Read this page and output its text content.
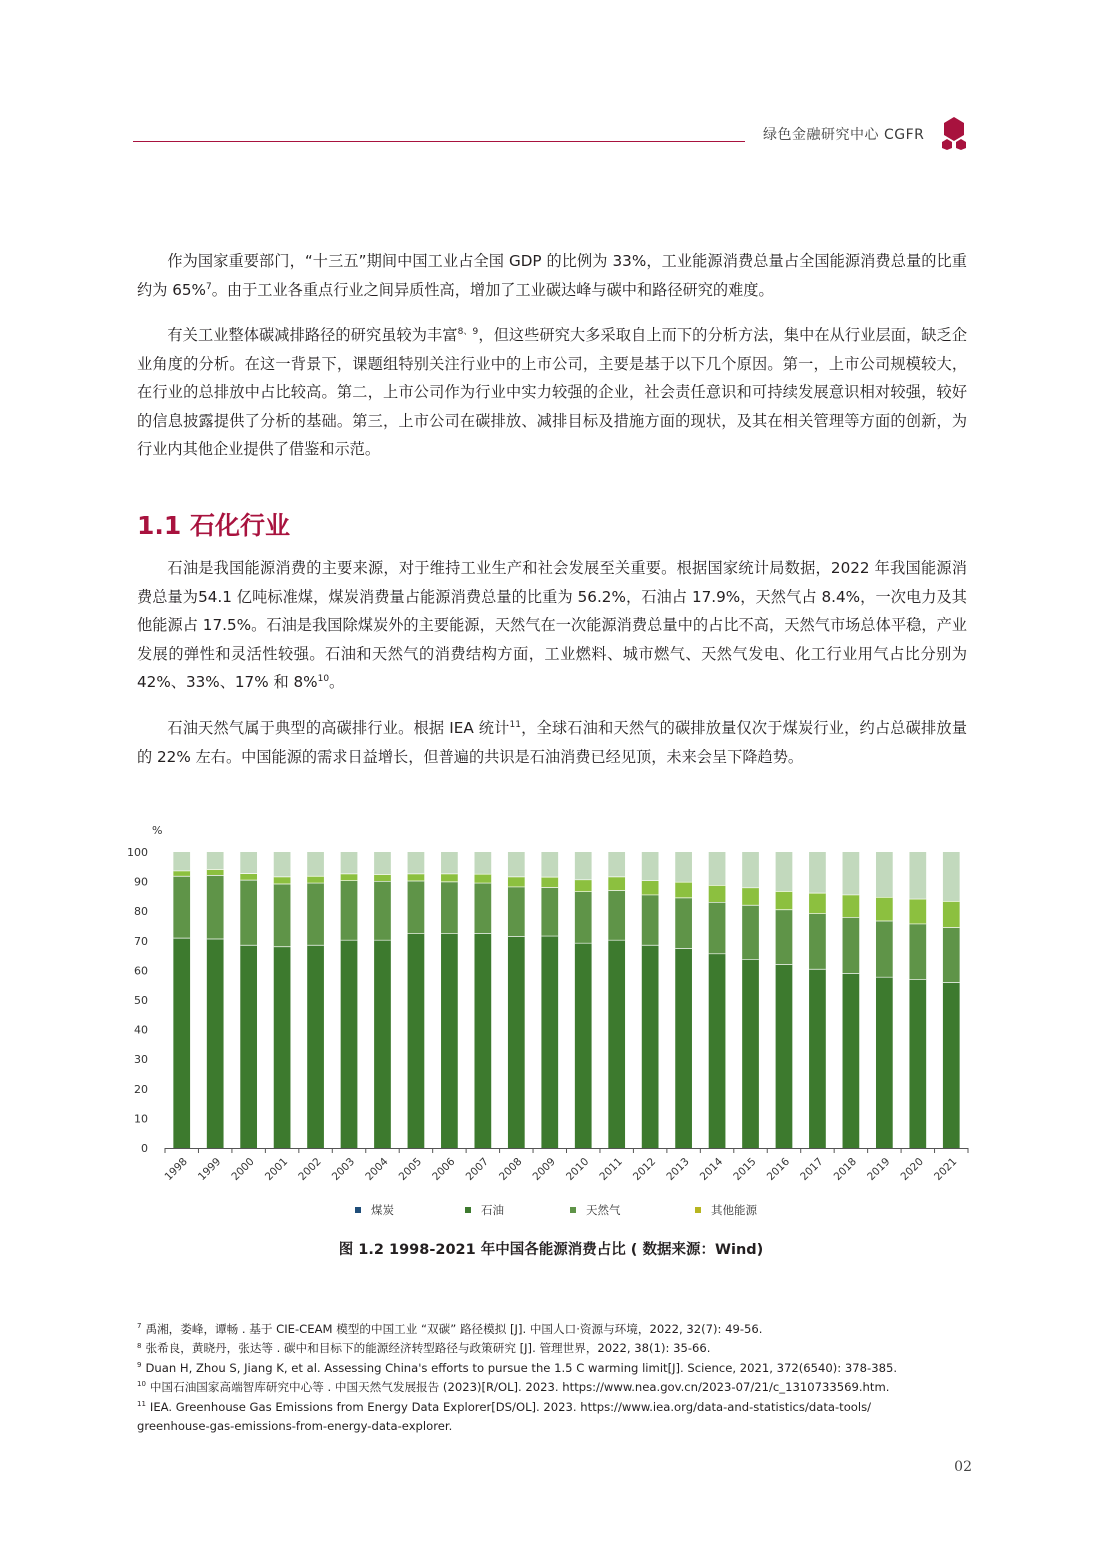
绿色金融研究中心 CGFR

作为国家重要部门，“十三五”期间中国工业占全国 GDP 的比例为 33%，工业能源消费总量占全国能源消费总量的比重约为 65%$^7$。由于工业各重点行业之间异质性高，增加了工业碳达峰与碳中和路径研究的难度。

有关工业整体碳减排路径的研究虽较为丰富$^{8、9}$，但这些研究大多采取自上而下的分析方法，集中在从行业层面，缺乏企业角度的分析。在这一背景下，课题组特别关注行业中的上市公司，主要是基于以下几个原因。第一，上市公司规模较大，在行业的总排放中占比较高。第二，上市公司作为行业中实力较强的企业，社会责任意识和可持续发展意识相对较强，较好的信息披露提供了分析的基础。第三，上市公司在碳排放、减排目标及措施方面的现状，及其在相关管理等方面的创新，为行业内其他企业提供了借鉴和示范。

1.1 石化行业

石油是我国能源消费的主要来源，对于维持工业生产和社会发展至关重要。根据国家统计局数据，2022 年我国能源消费总量为54.1 亿吨标准煤，煤炭消费量占能源消费总量的比重为 56.2%，石油占 17.9%，天然气占 8.4%，一次电力及其他能源占 17.5%。石油是我国除煤炭外的主要能源，天然气在一次能源消费总量中的占比不高，天然气市场总体平稳，产业发展的弹性和灵活性较强。石油和天然气的消费结构方面，工业燃料、城市燃气、天然气发电、化工行业用气占比分别为 42%、33%、17% 和 8%$^{10}$。

石油天然气属于典型的高碳排行业。根据 IEA 统计$^{11}$，全球石油和天然气的碳排放量仅次于煤炭行业，约占总碳排放量的 22% 左右。中国能源的需求日益增长，但普遍的共识是石油消费已经见顶，未来会呈下降趋势。

%
0
10
20
30
40
50
60
70
80
90
100
1998 1999 2000 2001 2002 2003 2004 2005 2006 2007 2008 2009 2010 2011 2012 2013 2014 2015 2016 2017 2018 2019 2020 2021
煤炭	石油	天然气	其他能源

图 1.2 1998-2021 年中国各能源消费占比 ( 数据来源：Wind)

$^7$ 禹湘，娄峰，谭畅 . 基于 CIE-CEAM 模型的中国工业 “双碳” 路径模拟 [J]. 中国人口·资源与环境，2022, 32(7): 49-56.

$^8$ 张希良，黄晓丹，张达等 . 碳中和目标下的能源经济转型路径与政策研究 [J]. 管理世界，2022, 38(1): 35-66.

$^9$ Duan H, Zhou S, Jiang K, et al. Assessing China's efforts to pursue the 1.5 C warming limit[J]. Science, 2021, 372(6540): 378-385.

$^{10}$ 中国石油国家高端智库研究中心等 . 中国天然气发展报告 (2023)[R/OL]. 2023. https://www.nea.gov.cn/2023-07/21/c_1310733569.htm.

$^{11}$ IEA. Greenhouse Gas Emissions from Energy Data Explorer[DS/OL]. 2023. https://www.iea.org/data-and-statistics/data-tools/

greenhouse-gas-emissions-from-energy-data-explorer.

02
